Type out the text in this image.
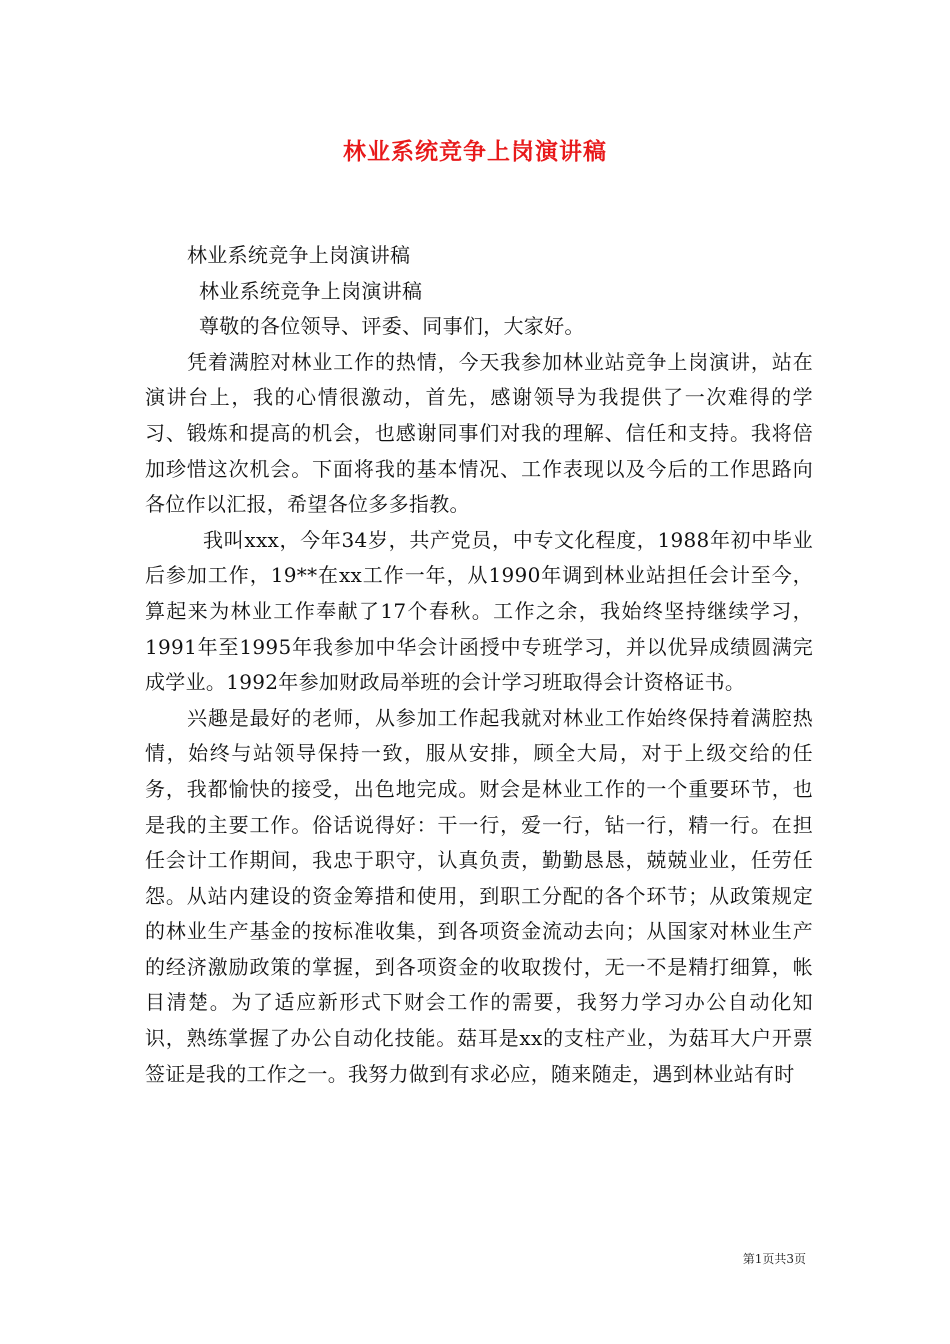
林业系统竞争上岗演讲稿

林业系统竞争上岗演讲稿

林业系统竞争上岗演讲稿

尊敬的各位领导、评委、同事们，大家好。

凭着满腔对林业工作的热情，今天我参加林业站竞争上岗演讲，站在演讲台上，我的心情很激动，首先，感谢领导为我提供了一次难得的学习、锻炼和提高的机会，也感谢同事们对我的理解、信任和支持。我将倍加珍惜这次机会。下面将我的基本情况、工作表现以及今后的工作思路向各位作以汇报，希望各位多多指教。

我叫xxx，今年34岁，共产党员，中专文化程度，1988年初中毕业后参加工作，19**在xx工作一年，从1990年调到林业站担任会计至今，算起来为林业工作奉献了17个春秋。工作之余，我始终坚持继续学习，1991年至1995年我参加中华会计函授中专班学习，并以优异成绩圆满完成学业。1992年参加财政局举班的会计学习班取得会计资格证书。

兴趣是最好的老师，从参加工作起我就对林业工作始终保持着满腔热情，始终与站领导保持一致，服从安排，顾全大局，对于上级交给的任务，我都愉快的接受，出色地完成。财会是林业工作的一个重要环节，也是我的主要工作。俗话说得好：干一行，爱一行，钻一行，精一行。在担任会计工作期间，我忠于职守，认真负责，勤勤恳恳，兢兢业业，任劳任怨。从站内建设的资金筹措和使用，到职工分配的各个环节；从政策规定的林业生产基金的按标准收集，到各项资金流动去向；从国家对林业生产的经济激励政策的掌握，到各项资金的收取拨付，无一不是精打细算，帐目清楚。为了适应新形式下财会工作的需要，我努力学习办公自动化知识，熟练掌握了办公自动化技能。菇耳是xx的支柱产业，为菇耳大户开票签证是我的工作之一。我努力做到有求必应，随来随走，遇到林业站有时

第1页共3页
